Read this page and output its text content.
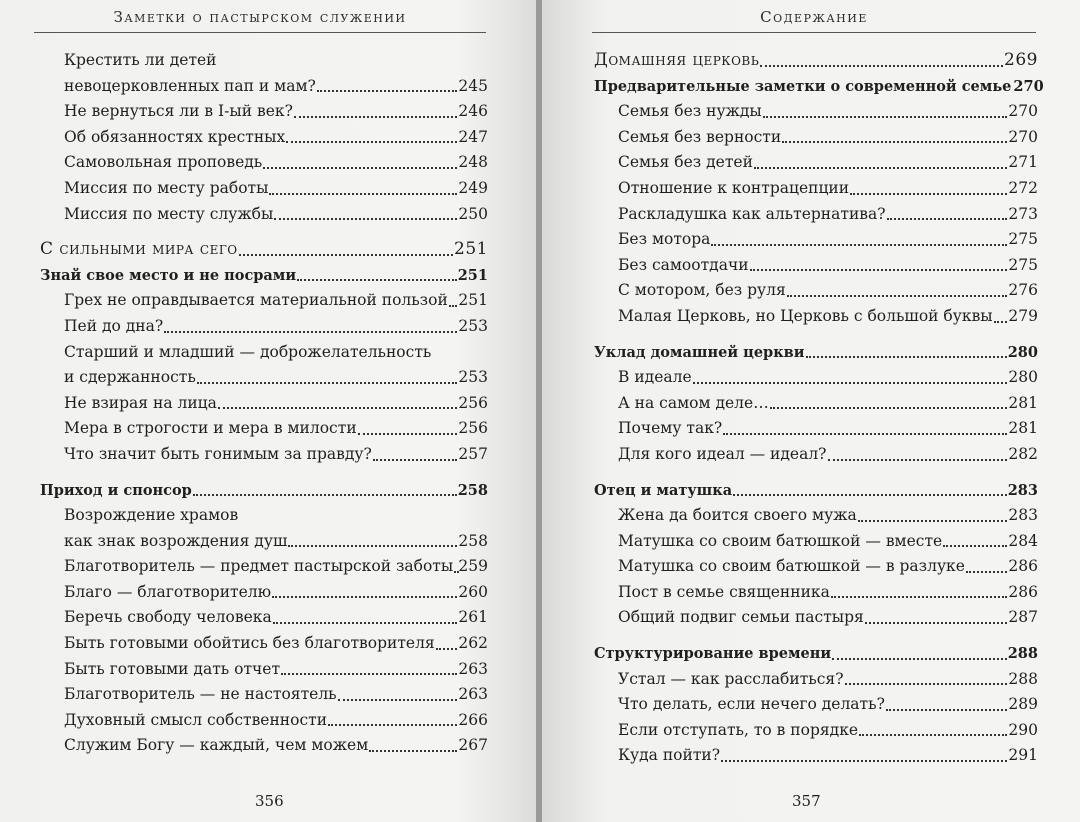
Заметки о пастырском служении
Крестить ли детей
невоцерковленных пап и мам?	245
Не вернуться ли в I-ый век?	246
Об обязанностях крестных	247
Самовольная проповедь	248
Миссия по месту работы	249
Миссия по месту службы	250
С сильными мира сего	251
Знай свое место и не посрами	251
Грех не оправдывается материальной пользой 251
Пей до дна?	253
Старший и младший — доброжелательность
и сдержанность	253
Не взирая на лица	256
Мера в строгости и мера в милости	256
Что значит быть гонимым за правду?	257
Приход и спонсор	258
Возрождение храмов
как знак возрождения душ	258
Благотворитель — предмет пастырской заботы 259
Благо — благотворителю	260
Беречь свободу человека	261
Быть готовыми обойтись без благотворителя 262
Быть готовыми дать отчет	263
Благотворитель — не настоятель	263
Духовный смысл собственности	266
Служим Богу — каждый, чем можем	267
356
Содержание
Домашняя церковь	269
Предварительные заметки о современной семье 270
Семья без нужды	270
Семья без верности	270
Семья без детей	271
Отношение к контрацепции	272
Раскладушка как альтернатива?	273
Без мотора	275
Без самоотдачи	275
С мотором, без руля	276
Малая Церковь, но Церковь с большой буквы 279
Уклад домашней церкви	280
В идеале	280
А на самом деле…	281
Почему так?	281
Для кого идеал — идеал?	282
Отец и матушка	283
Жена да боится своего мужа	283
Матушка со своим батюшкой — вместе	284
Матушка со своим батюшкой — в разлуке	286
Пост в семье священника	286
Общий подвиг семьи пастыря	287
Структурирование времени	288
Устал — как расслабиться?	288
Что делать, если нечего делать?	289
Если отступать, то в порядке	290
Куда пойти?	291
357
